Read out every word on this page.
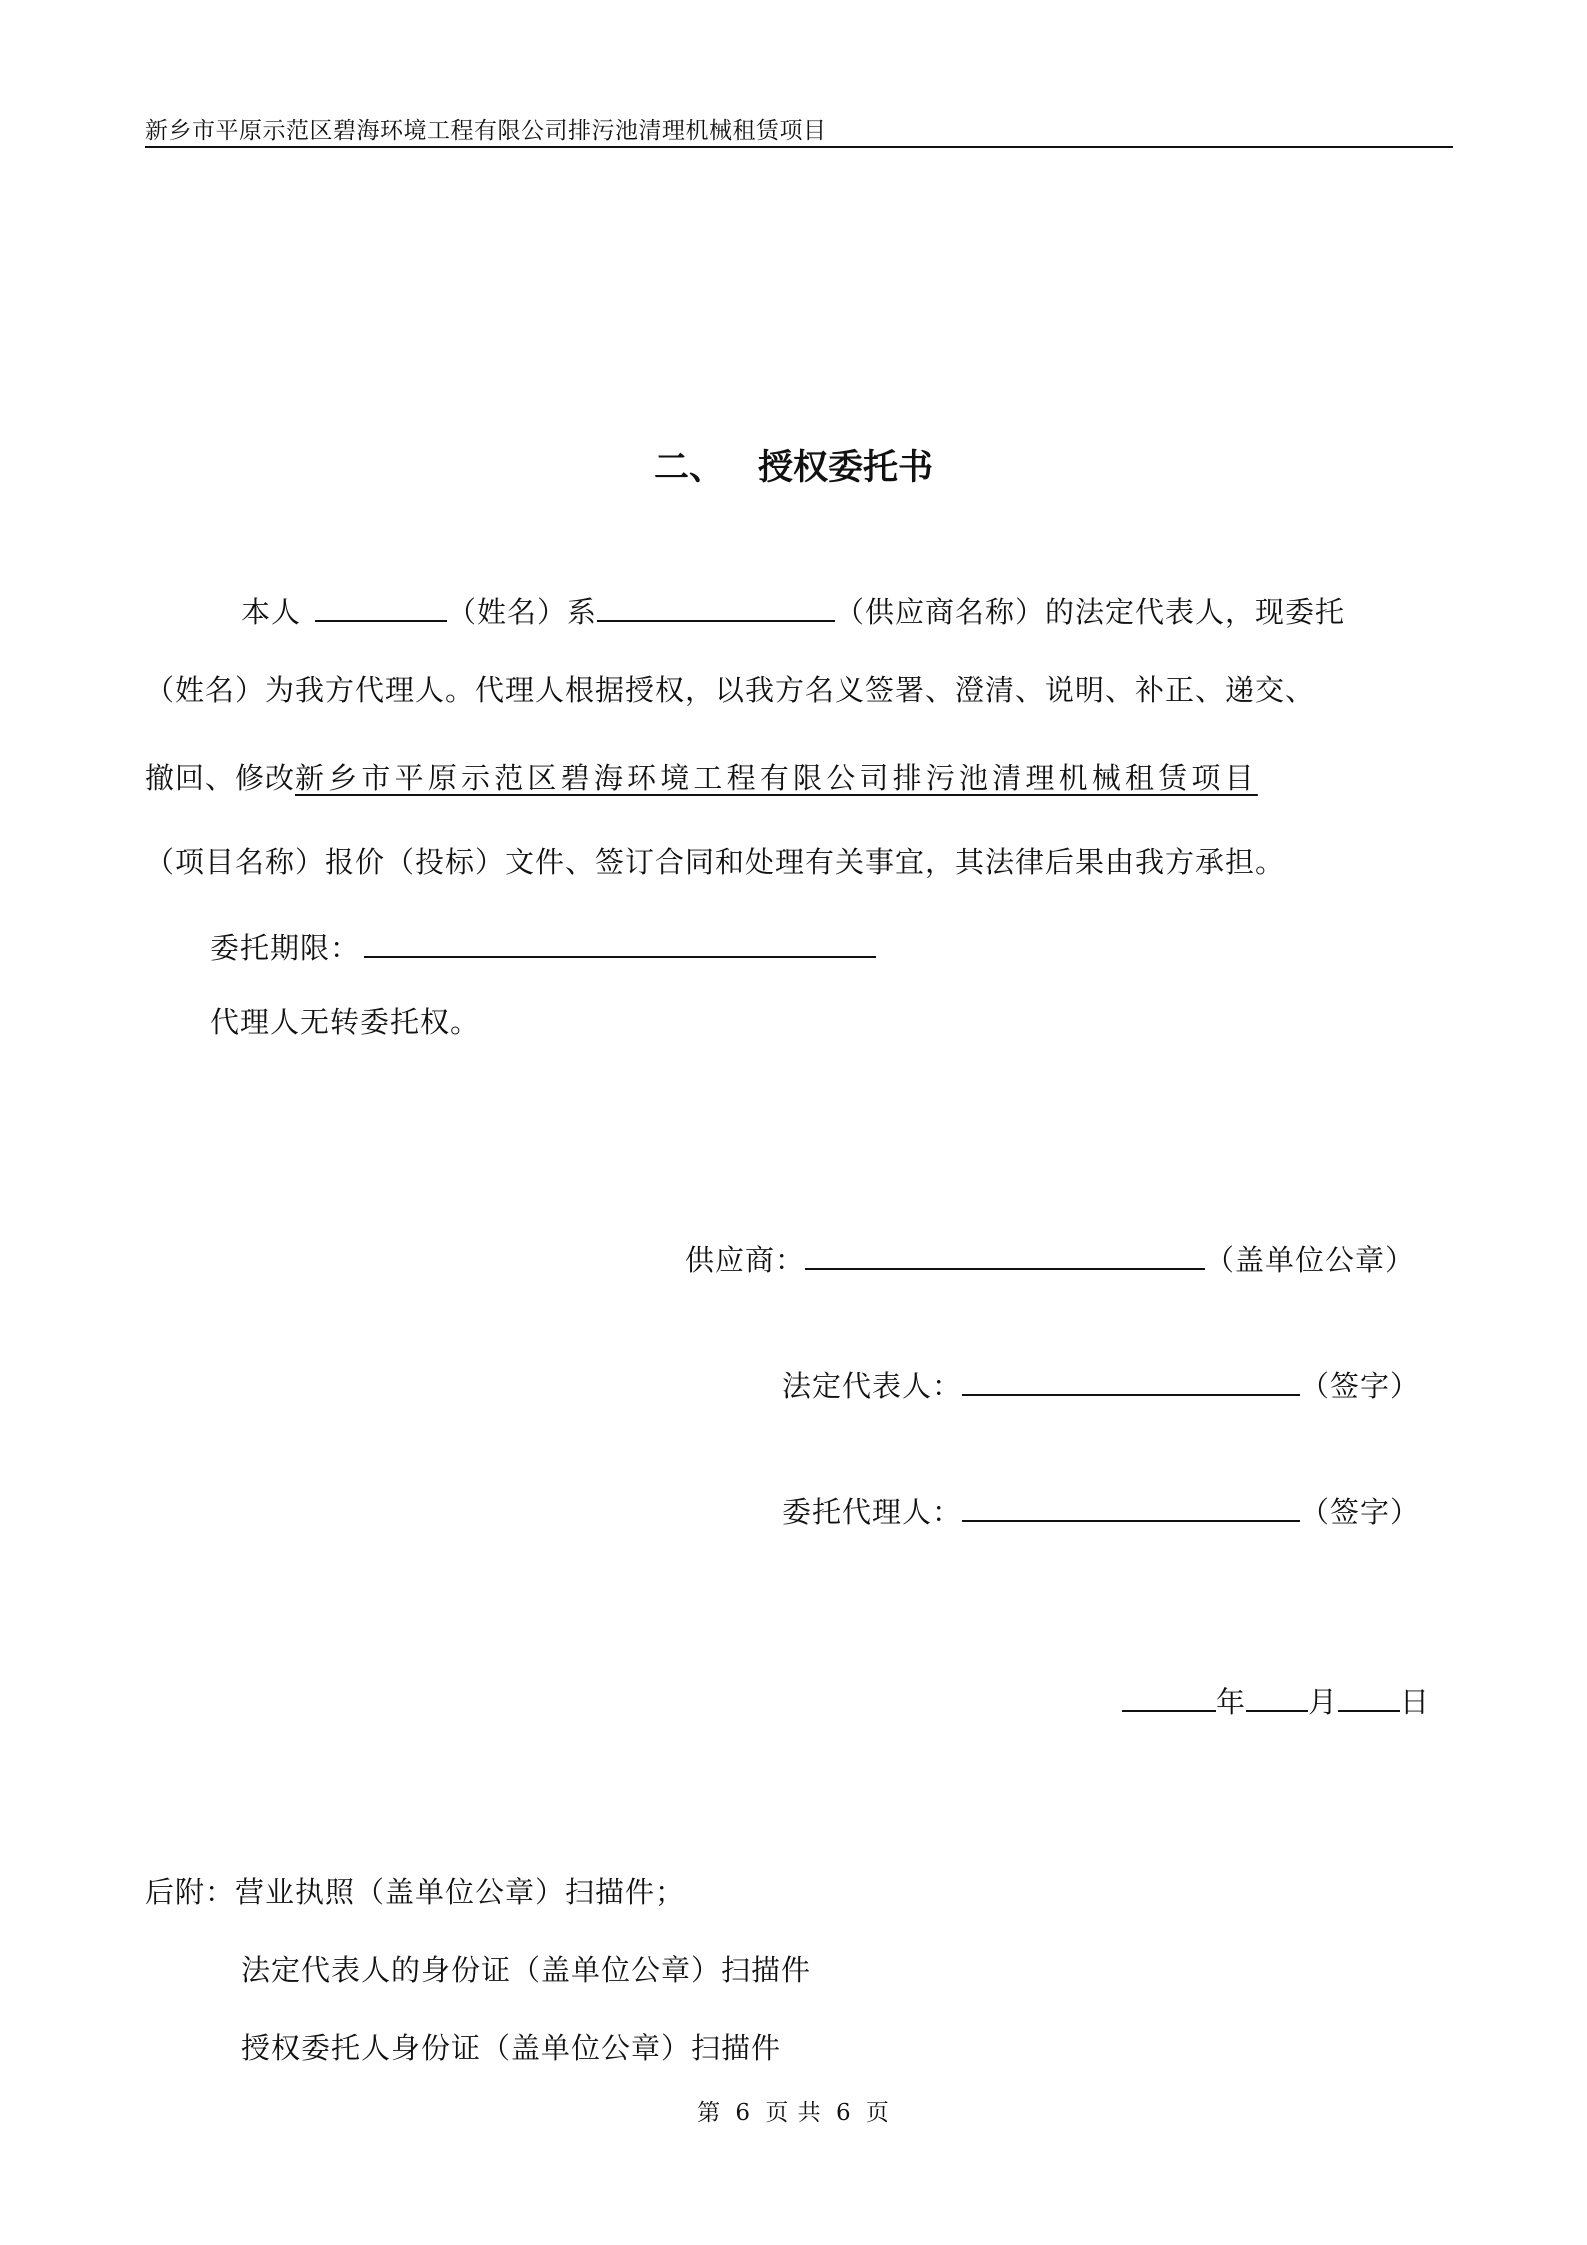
新乡市平原示范区碧海环境工程有限公司排污池清理机械租赁项目
二、 授权委托书
本人	（姓名）系	（供应商名称）的法定代表人，现委托
（姓名）为我方代理人。代理人根据授权，以我方名义签署、澄清、说明、补正、递交、
撤回、修改新乡市平原示范区碧海环境工程有限公司排污池清理机械租赁项目
（项目名称）报价（投标）文件、签订合同和处理有关事宜，其法律后果由我方承担。
委托期限：
代理人无转委托权。
供应商：	（盖单位公章）
法定代表人：	（签字）
委托代理人：	（签字）
年 月 日
后附：营业执照（盖单位公章）扫描件；
法定代表人的身份证（盖单位公章）扫描件
授权委托人身份证（盖单位公章）扫描件
第 6 页 共 6 页
